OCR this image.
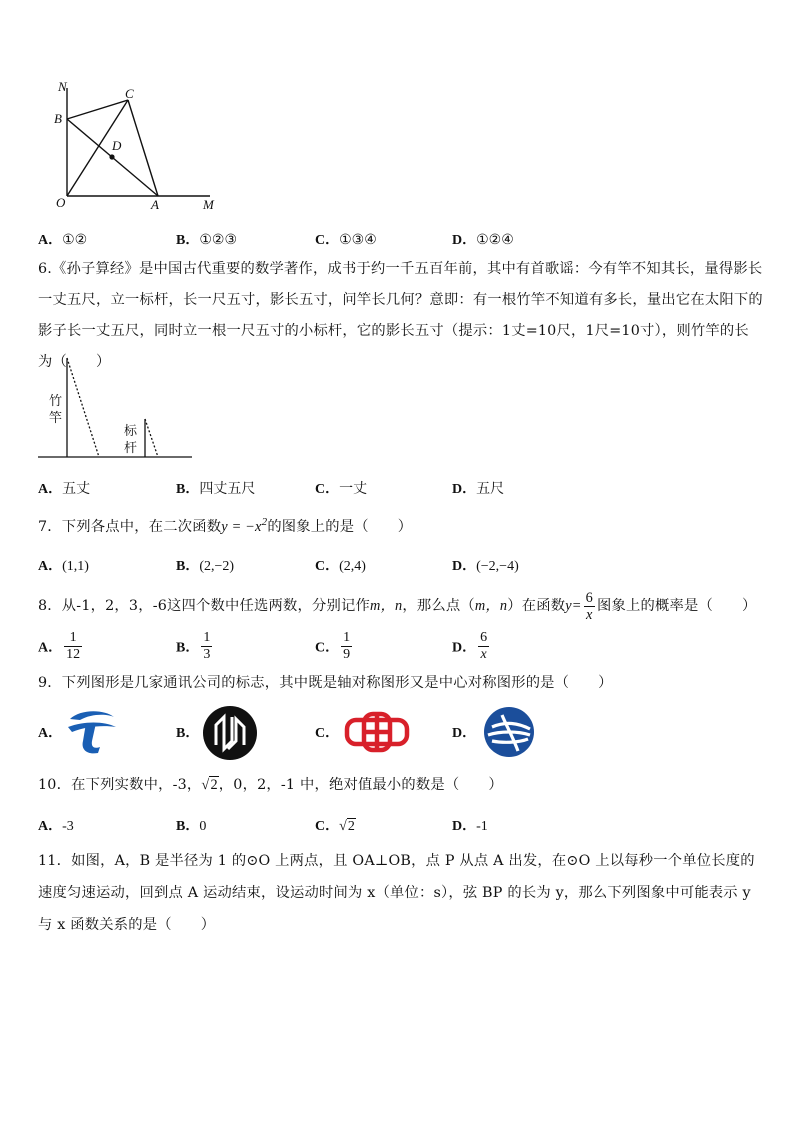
N	C
B
D
O	A	M
A．①②	B．①②③	C．①③④	D．①②④
6.《孙子算经》是中国古代重要的数学著作，成书于约一千五百年前，其中有首歌谣：今有竿不知其长，量得影长一丈五尺，立一标杆，长一尺五寸，影长五寸，问竿长几何？意即：有一根竹竿不知道有多长，量出它在太阳下的影子长一丈五尺，同时立一根一尺五寸的小标杆，它的影长五寸（提示：1丈=10尺，1尺=10寸），则竹竿的长为（　　）
竹
竿
标
杆
A．五丈	B．四丈五尺	C．一丈	D．五尺
7．下列各点中，在二次函数$y = -x^2$的图象上的是（　　）
A．(1,1)	B．(2,−2)	C．(2,4)	D．(−2,−4)
8．从-1，2，3，-6这四个数中任选两数，分别记作m，n，那么点（m，n）在函数$y= \frac{6}{x}$ 图象上的概率是（　　）
A． $\frac{1}{12}$	B． $\frac{1}{3}$	C． $\frac{1}{9}$	D． $\frac{6}{x}$
9．下列图形是几家通讯公司的标志，其中既是轴对称图形又是中心对称图形的是（　　）
A．	B．	C．	D．
10．在下列实数中，-3，√2，0，2，-1 中，绝对值最小的数是（　　）
A．-3	B．0	C．√2	D．-1
11．如图，A，B 是半径为 1 的⊙O 上两点，且 OA⊥OB，点 P 从点 A 出发，在⊙O 上以每秒一个单位长度的速度匀速运动，回到点 A 运动结束，设运动时间为 x（单位：s），弦 BP 的长为 y，那么下列图象中可能表示 y 与 x 函数关系的是（　　）
